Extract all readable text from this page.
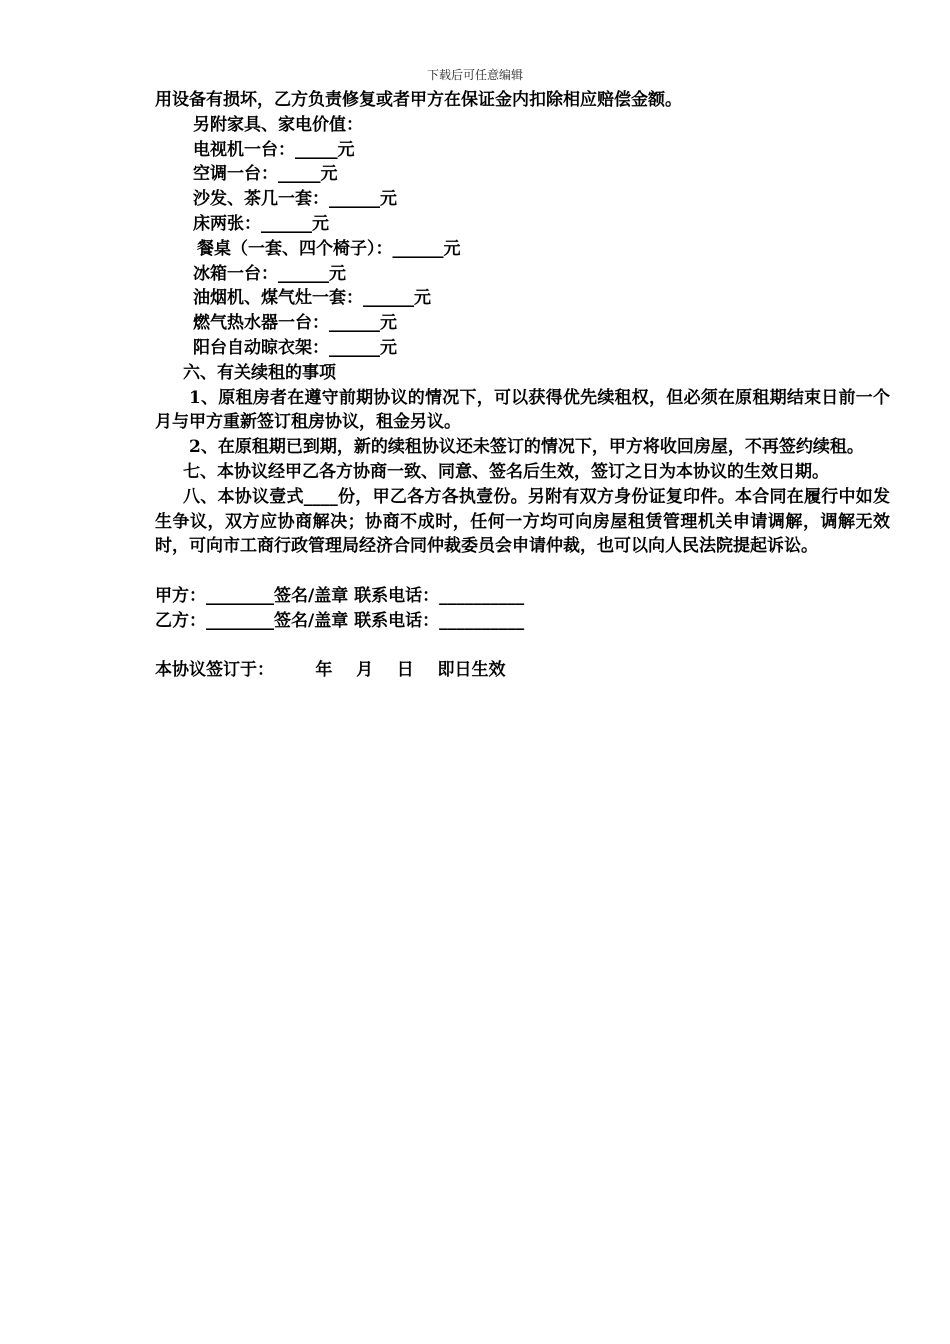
下载后可任意编辑

用设备有损坏，乙方负责修复或者甲方在保证金内扣除相应赔偿金额。

另附家具、家电价值：

电视机一台：_____元

空调一台：_____元

沙发、茶几一套：______元

床两张：______元

餐桌（一套、四个椅子）：______元

冰箱一台：______元

油烟机、煤气灶一套：______元

燃气热水器一台：______元

阳台自动晾衣架：______元

六、有关续租的事项

1、原租房者在遵守前期协议的情况下，可以获得优先续租权，但必须在原租期结束日前一个月与甲方重新签订租房协议，租金另议。

2、在原租期已到期，新的续租协议还未签订的情况下，甲方将收回房屋，不再签约续租。

七、本协议经甲乙各方协商一致、同意、签名后生效，签订之日为本协议的生效日期。

八、本协议壹式____份，甲乙各方各执壹份。另附有双方身份证复印件。本合同在履行中如发生争议，双方应协商解决；协商不成时，任何一方均可向房屋租赁管理机关申请调解，调解无效时，可向市工商行政管理局经济合同仲裁委员会申请仲裁，也可以向人民法院提起诉讼。

甲方：________签名/盖章 联系电话：__________

乙方：________签名/盖章 联系电话：__________

本协议签订于：       年    月    日    即日生效
